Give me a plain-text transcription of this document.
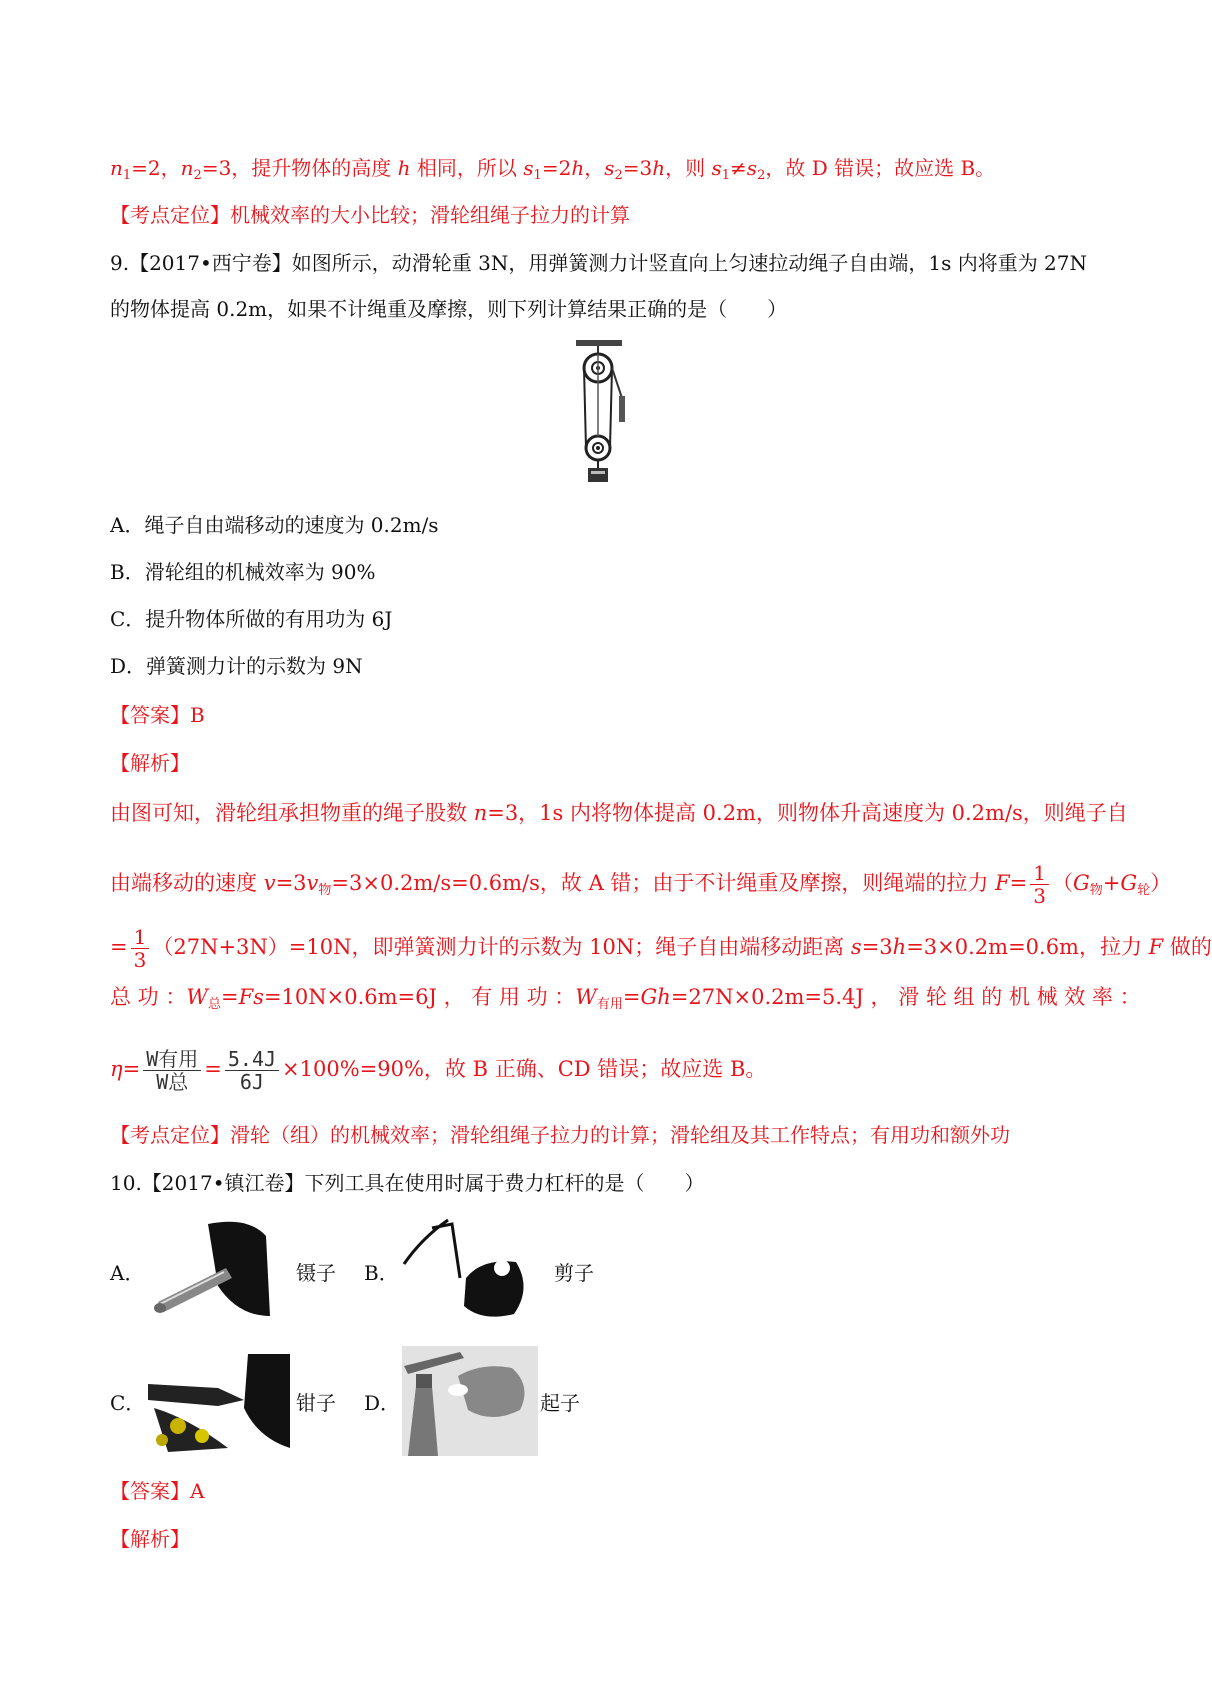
$n_1=2$，$n_2=3$，提升物体的高度 h 相同，所以 $s_1=2h$，$s_2=3h$，则 $s_1\ne s_2$，故 D 错误；故应选 B。
【考点定位】机械效率的大小比较；滑轮组绳子拉力的计算
9.【2017•西宁卷】如图所示，动滑轮重 3N，用弹簧测力计竖直向上匀速拉动绳子自由端，1s 内将重为 27N
的物体提高 0.2m，如果不计绳重及摩擦，则下列计算结果正确的是（　　）
A．绳子自由端移动的速度为 0.2m/s
B．滑轮组的机械效率为 90%
C．提升物体所做的有用功为 6J
D．弹簧测力计的示数为 9N
【答案】B
【解析】
由图可知，滑轮组承担物重的绳子股数 n=3，1s 内将物体提高 0.2m，则物体升高速度为 0.2m/s，则绳子自
由端移动的速度 $v=3v_物=3\times 0.2m/s=0.6m/s$，故 A 错；由于不计绳重及摩擦，则绳端的拉力 $F= \frac{1}{3} (G_物+G_轮)$
= $\frac{1}{3} (27N+3N)=10N$，即弹簧测力计的示数为 10N；绳子自由端移动距离 s=3h=3×0.2m=0.6m，拉力 F 做的
总 功 ：$W_总=Fs=10N\times 0.6m=6J$ ， 有 用 功 ：$W_{有用}=Gh=27N\times 0.2m=5.4J$ ， 滑 轮 组 的 机 械 效 率 ：
$\eta= \frac{\text{W有用}}{\text{W总}} = \frac{5.4J}{6J} \times 100\%=90\%$，故 B 正确、CD 错误；故应选 B。
【考点定位】滑轮（组）的机械效率；滑轮组绳子拉力的计算；滑轮组及其工作特点；有用功和额外功
10.【2017•镇江卷】下列工具在使用时属于费力杠杆的是（　　）
A．	镊子 B．	剪子
C．	钳子 D．	起子
【答案】A
【解析】
